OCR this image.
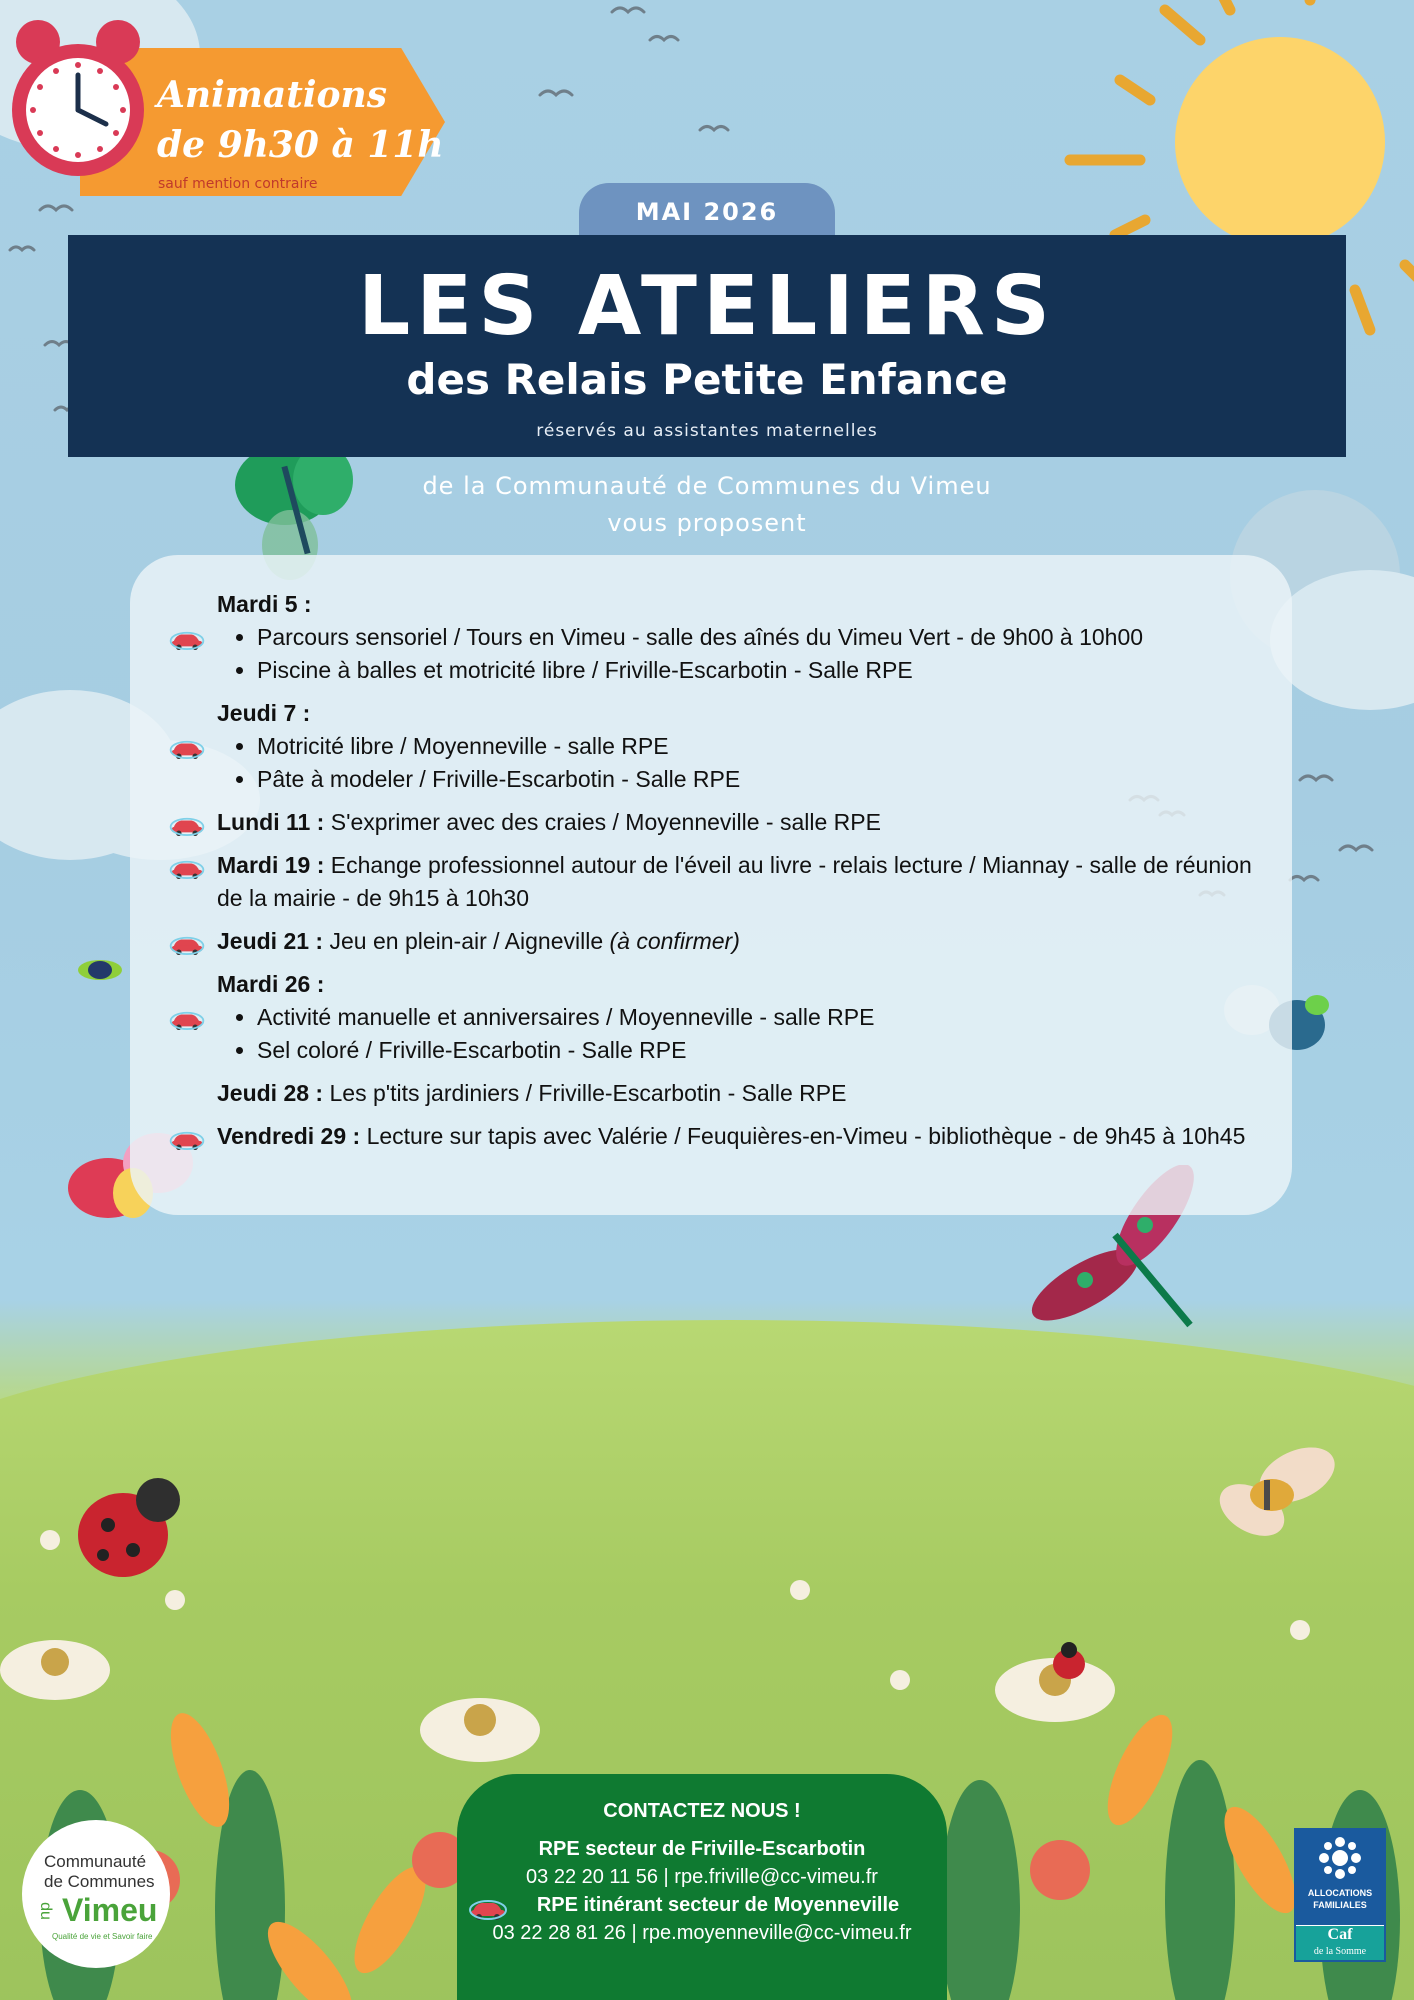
Animations
de 9h30 à 11h
sauf mention contraire
MAI 2026
LES ATELIERS
des Relais Petite Enfance
réservés au assistantes maternelles
de la Communauté de Communes du Vimeu
vous proposent
Mardi 5 :
• Parcours sensoriel / Tours en Vimeu - salle des aînés du Vimeu Vert - de 9h00 à 10h00
• Piscine à balles et motricité libre / Friville-Escarbotin - Salle RPE
Jeudi 7 :
• Motricité libre / Moyenneville - salle RPE
• Pâte à modeler / Friville-Escarbotin - Salle RPE
Lundi 11 : S'exprimer avec des craies / Moyenneville - salle RPE
Mardi 19 : Echange professionnel autour de l'éveil au livre - relais lecture / Miannay - salle de réunion de la mairie - de 9h15 à 10h30
Jeudi 21 : Jeu en plein-air / Aigneville (à confirmer)
Mardi 26 :
• Activité manuelle et anniversaires / Moyenneville - salle RPE
• Sel coloré / Friville-Escarbotin - Salle RPE
Jeudi 28 : Les p'tits jardiniers / Friville-Escarbotin - Salle RPE
Vendredi 29 : Lecture sur tapis avec Valérie / Feuquières-en-Vimeu - bibliothèque - de 9h45 à 10h45
CONTACTEZ NOUS !
RPE secteur de Friville-Escarbotin
03 22 20 11 56 | rpe.friville@cc-vimeu.fr
RPE itinérant secteur de Moyenneville
03 22 28 81 26 | rpe.moyenneville@cc-vimeu.fr
Communauté
de Communes
du Vimeu
Qualité de vie et Savoir faire
ALLOCATIONS
FAMILIALES
Caf
de la Somme
